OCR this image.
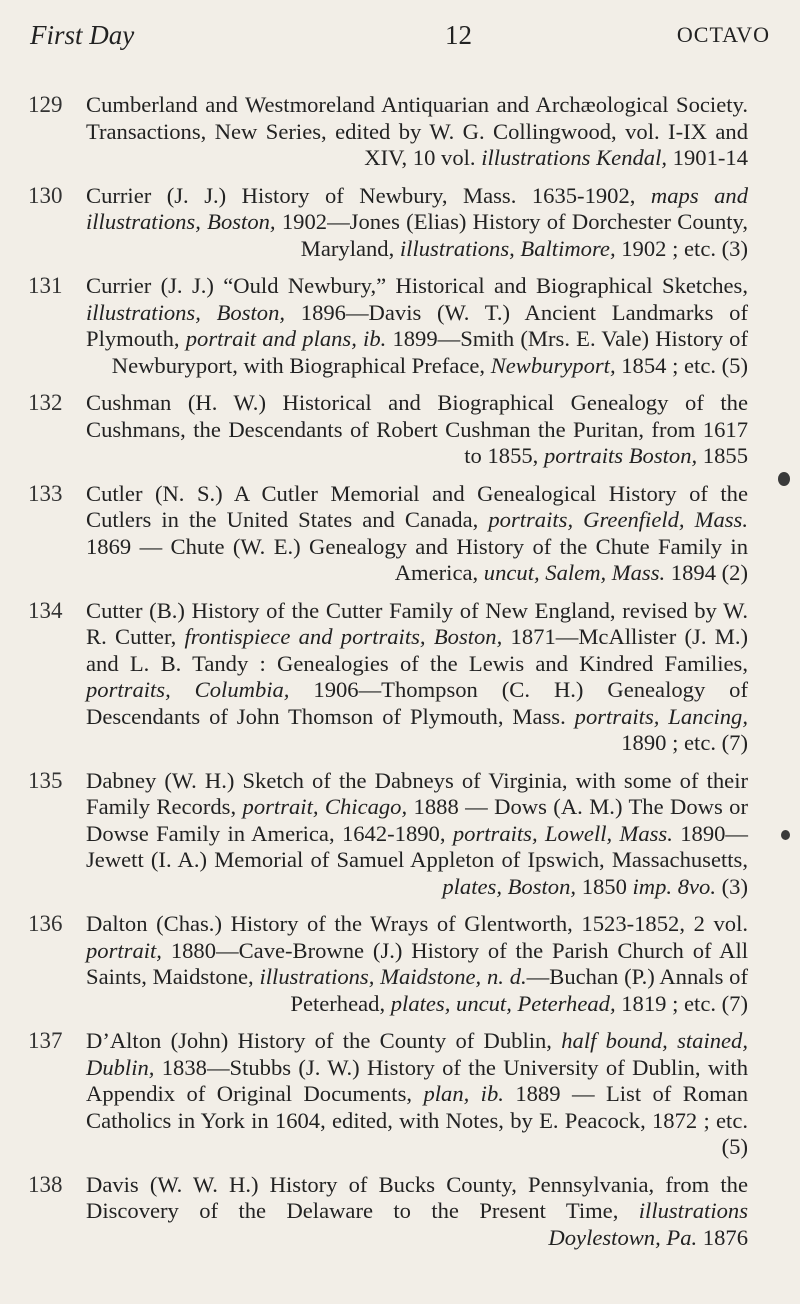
First Day	12	OCTAVO
129	Cumberland and Westmoreland Antiquarian and Archæological Society. Transactions, New Series, edited by W. G. Collingwood, vol. I-IX and XIV, 10 vol. illustrations Kendal, 1901-14
130	Currier (J. J.) History of Newbury, Mass. 1635-1902, maps and illustrations, Boston, 1902—Jones (Elias) History of Dorchester County, Maryland, illustrations, Baltimore, 1902 ; etc. (3)
131	Currier (J. J.) “Ould Newbury,” Historical and Biographical Sketches, illustrations, Boston, 1896—Davis (W. T.) Ancient Landmarks of Plymouth, portrait and plans, ib. 1899—Smith (Mrs. E. Vale) History of Newburyport, with Biographical Preface, Newburyport, 1854 ; etc. (5)
132	Cushman (H. W.) Historical and Biographical Genealogy of the Cushmans, the Descendants of Robert Cushman the Puritan, from 1617 to 1855, portraits Boston, 1855
133	Cutler (N. S.) A Cutler Memorial and Genealogical History of the Cutlers in the United States and Canada, portraits, Greenfield, Mass. 1869 — Chute (W. E.) Genealogy and History of the Chute Family in America, uncut, Salem, Mass. 1894 (2)
134	Cutter (B.) History of the Cutter Family of New England, revised by W. R. Cutter, frontispiece and portraits, Boston, 1871—McAllister (J. M.) and L. B. Tandy : Genealogies of the Lewis and Kindred Families, portraits, Columbia, 1906—Thompson (C. H.) Genealogy of Descendants of John Thomson of Plymouth, Mass. portraits, Lancing, 1890 ; etc. (7)
135	Dabney (W. H.) Sketch of the Dabneys of Virginia, with some of their Family Records, portrait, Chicago, 1888 — Dows (A. M.) The Dows or Dowse Family in America, 1642-1890, portraits, Lowell, Mass. 1890—Jewett (I. A.) Memorial of Samuel Appleton of Ipswich, Massachusetts, plates, Boston, 1850 imp. 8vo. (3)
136	Dalton (Chas.) History of the Wrays of Glentworth, 1523-1852, 2 vol. portrait, 1880—Cave-Browne (J.) History of the Parish Church of All Saints, Maidstone, illustrations, Maidstone, n. d.—Buchan (P.) Annals of Peterhead, plates, uncut, Peterhead, 1819 ; etc. (7)
137	D’Alton (John) History of the County of Dublin, half bound, stained, Dublin, 1838—Stubbs (J. W.) History of the University of Dublin, with Appendix of Original Documents, plan, ib. 1889 — List of Roman Catholics in York in 1604, edited, with Notes, by E. Peacock, 1872 ; etc. (5)
138	Davis (W. W. H.) History of Bucks County, Pennsylvania, from the Discovery of the Delaware to the Present Time, illustrations Doylestown, Pa. 1876
